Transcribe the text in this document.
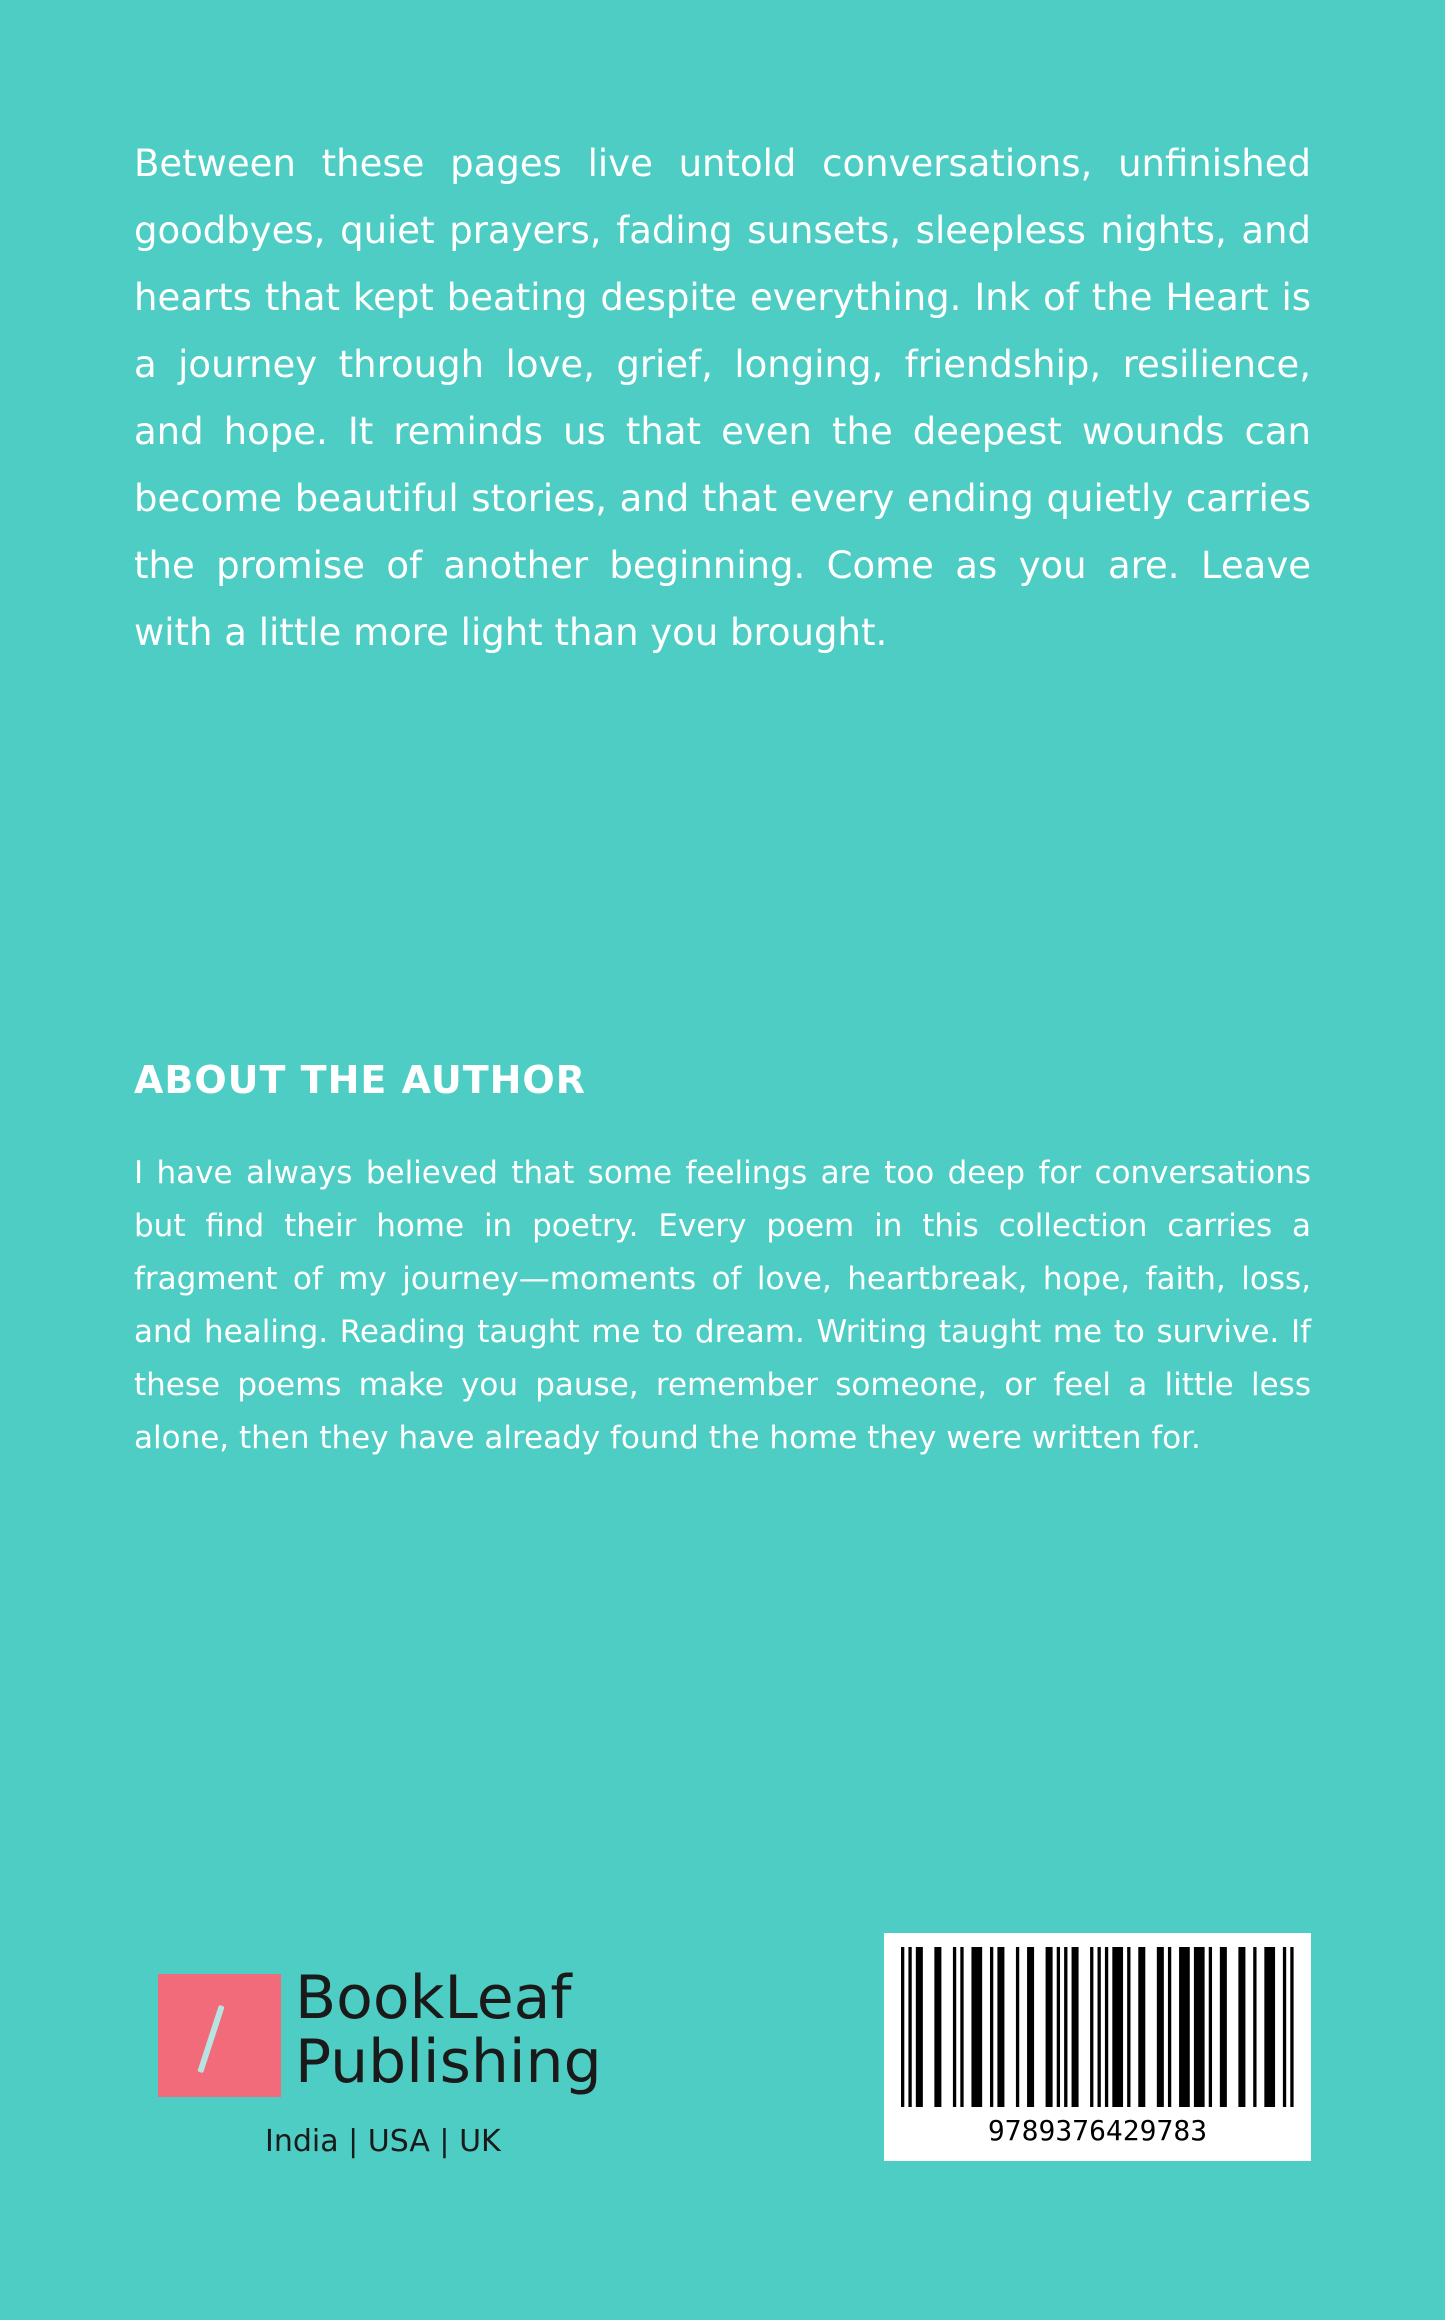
Between these pages live untold conversations, unfinished goodbyes, quiet prayers, fading sunsets, sleepless nights, and hearts that kept beating despite everything. Ink of the Heart is a journey through love, grief, longing, friendship, resilience, and hope. It reminds us that even the deepest wounds can become beautiful stories, and that every ending quietly carries the promise of another beginning. Come as you are. Leave with a little more light than you brought.

ABOUT THE AUTHOR

I have always believed that some feelings are too deep for conversations but find their home in poetry. Every poem in this collection carries a fragment of my journey—moments of love, heartbreak, hope, faith, loss, and healing. Reading taught me to dream. Writing taught me to survive. If these poems make you pause, remember someone, or feel a little less alone, then they have already found the home they were written for.

BookLeaf
Publishing
India | USA | UK	9789376429783
